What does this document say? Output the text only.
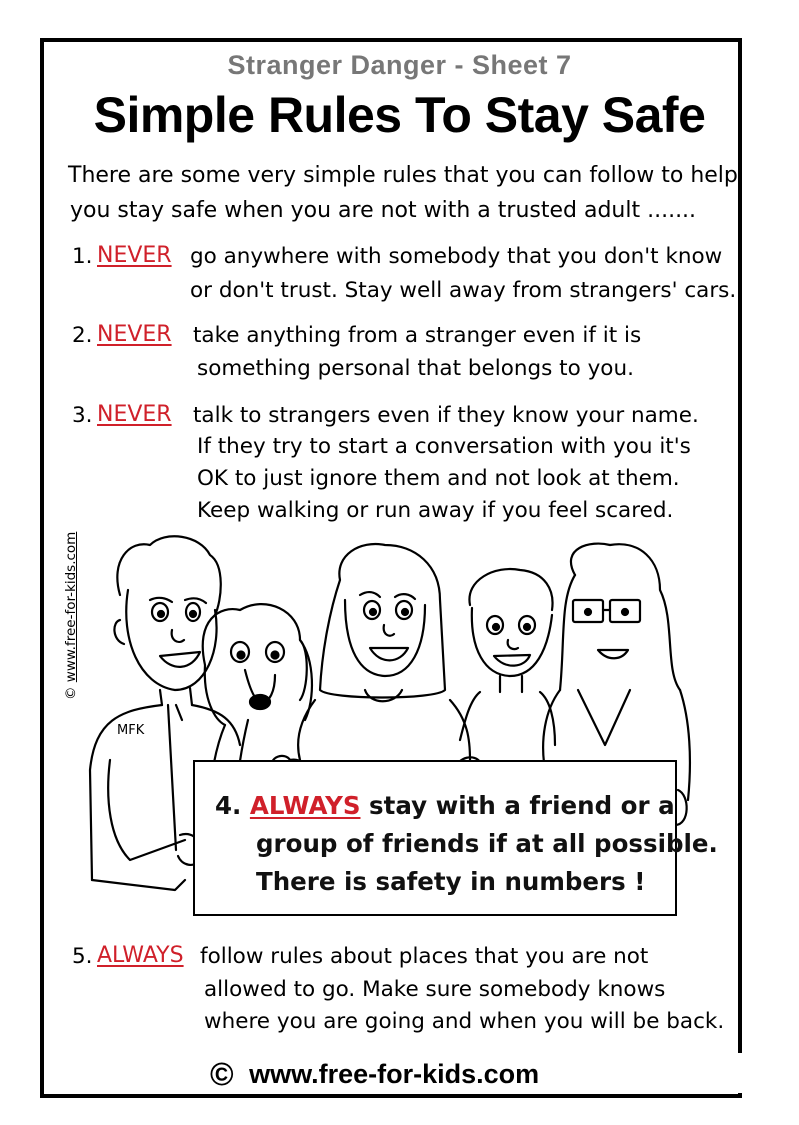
Stranger Danger - Sheet 7
Simple Rules To Stay Safe
There are some very simple rules that you can follow to help
you stay safe when you are not with a trusted adult .......
1. NEVER go anywhere with somebody that you don't know
or don't trust. Stay well away from strangers' cars.
2. NEVER take anything from a stranger even if it is
something personal that belongs to you.
3. NEVER talk to strangers even if they know your name.
If they try to start a conversation with you it's
OK to just ignore them and not look at them.
Keep walking or run away if you feel scared.
MFK
4. ALWAYS stay with a friend or a
group of friends if at all possible.
There is safety in numbers !
5. ALWAYS follow rules about places that you are not
allowed to go. Make sure somebody knows
where you are going and when you will be back.
© www.free-for-kids.com
© www.free-for-kids.com
